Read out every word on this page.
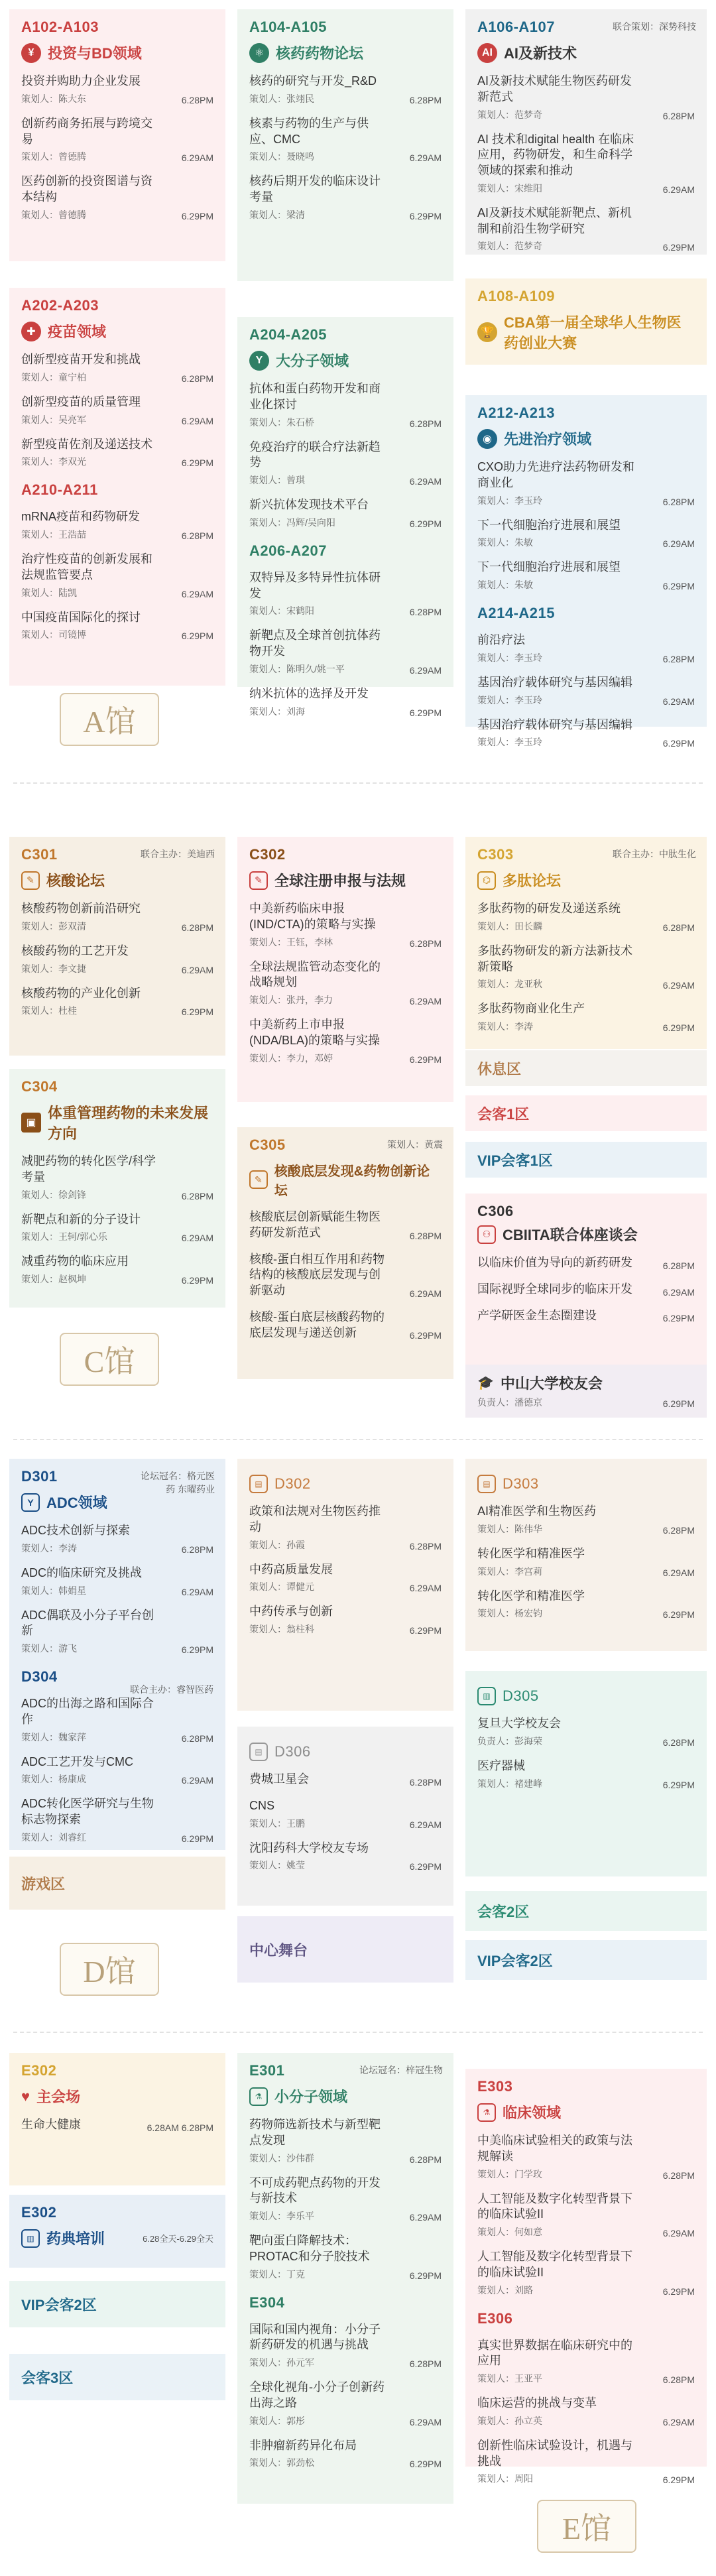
A102-A103
¥ 投资与BD领域
投资并购助力企业发展
策划人：陈大东	6.28PM
创新药商务拓展与跨境交易
策划人：曾德腾	6.29AM
医药创新的投资图谱与资本结构
策划人：曾德腾	6.29PM
A202-A203
✚ 疫苗领域
创新型疫苗开发和挑战
策划人：童宁柏	6.28PM
创新型疫苗的质量管理
策划人：吴亮军	6.29AM
新型疫苗佐剂及递送技术
策划人：李双光	6.29PM
A210-A211
mRNA疫苗和药物研发
策划人：王浩喆	6.28PM
治疗性疫苗的创新发展和法规监管要点
策划人：陆凯	6.29AM
中国疫苗国际化的探讨
策划人：司镜博	6.29PM
A馆
A104-A105
⚛ 核药药物论坛
核药的研究与开发_R&D
策划人：张翊民	6.28PM
核素与药物的生产与供应、CMC
策划人：聂晓鸣	6.29AM
核药后期开发的临床设计考量
策划人：梁清	6.29PM
A204-A205
Y 大分子领域
抗体和蛋白药物开发和商业化探讨
策划人：朱石桥	6.28PM
免疫治疗的联合疗法新趋势
策划人：曾琪	6.29AM
新兴抗体发现技术平台
策划人：冯辉/吴向阳	6.29PM
A206-A207
双特异及多特异性抗体研发
策划人：宋鹤阳	6.28PM
新靶点及全球首创抗体药物开发
策划人：陈明久/姚一平	6.29AM
纳米抗体的选择及开发
策划人：刘海	6.29PM
A106-A107	联合策划：深势科技
AI AI及新技术
AI及新技术赋能生物医药研发新范式
策划人：范梦奇	6.28PM
AI 技术和digital health 在临床应用，药物研发，和生命科学领域的探索和推动
策划人：宋维阳	6.29AM
AI及新技术赋能新靶点、新机制和前沿生物学研究
策划人：范梦奇	6.29PM
A108-A109
🏆
CBA第一届全球华人生物医药创业大赛
A212-A213
◉ 先进治疗领域
CXO助力先进疗法药物研发和商业化
策划人：李玉玲	6.28PM
下一代细胞治疗进展和展望
策划人：朱敏	6.29AM
下一代细胞治疗进展和展望
策划人：朱敏	6.29PM
A214-A215
前沿疗法
策划人：李玉玲	6.28PM
基因治疗载体研究与基因编辑
策划人：李玉玲	6.29AM
基因治疗载体研究与基因编辑
策划人：李玉玲	6.29PM
C301	联合主办：美迪西
✎ 核酸论坛
核酸药物创新前沿研究
策划人：彭双清	6.28PM
核酸药物的工艺开发
策划人：李文捷	6.29AM
核酸药物的产业化创新
策划人：杜桂	6.29PM
C304
▣
体重管理药物的未来发展方向
减肥药物的转化医学/科学考量
策划人：徐剑锋	6.28PM
新靶点和新的分子设计
策划人：王轲/郭心乐	6.29AM
减重药物的临床应用
策划人：赵枫坤	6.29PM
C馆
C302
✎ 全球注册申报与法规
中美新药临床申报(IND/CTA)的策略与实操
策划人：王钰，李林	6.28PM
全球法规监管动态变化的战略规划
策划人：张丹，李力	6.29AM
中美新药上市申报(NDA/BLA)的策略与实操
策划人：李力，邓婷	6.29PM
C305	策划人：黄震
✎
核酸底层发现&药物创新论坛
核酸底层创新赋能生物医药研发新范式	6.28PM
核酸-蛋白相互作用和药物结构的核酸底层发现与创新驱动	6.29AM
核酸-蛋白底层核酸药物的底层发现与递送创新	6.29PM
C303	联合主办：中肽生化
⌬ 多肽论坛
多肽药物的研发及递送系统
策划人：田长麟	6.28PM
多肽药物研发的新方法新技术新策略
策划人：龙亚秋	6.29AM
多肽药物商业化生产
策划人：李涛	6.29PM
休息区
会客1区
VIP会客1区
C306
⚇ CBIITA联合体座谈会
以临床价值为导向的新药研发	6.28PM
国际视野全球同步的临床开发	6.29AM
产学研医金生态圈建设	6.29PM
🎓 中山大学校友会
负责人：潘德京	6.29PM
D301	论坛冠名：格元医药 东曜药业
Y ADC领域
ADC技术创新与探索
策划人：李涛	6.28PM
ADC的临床研究及挑战
策划人：韩娟星	6.29AM
ADC偶联及小分子平台创新
策划人：游飞	6.29PM
D304
联合主办：睿智医药
ADC的出海之路和国际合作
策划人：魏家萍	6.28PM
ADC工艺开发与CMC
策划人：杨康成	6.29AM
ADC转化医学研究与生物标志物探索
策划人：刘睿红	6.29PM
游戏区
D馆
▤ D302
政策和法规对生物医药推动
策划人：孙霞	6.28PM
中药高质量发展
策划人：谭健元	6.29AM
中药传承与创新
策划人：翁柱科	6.29PM
▤ D306
费城卫星会	6.28PM
CNS
策划人：王鹏	6.29AM
沈阳药科大学校友专场
策划人：姚莹	6.29PM
中心舞台
▤ D303
AI精准医学和生物医药
策划人：陈伟华	6.28PM
转化医学和精准医学
策划人：李宫莉	6.29AM
转化医学和精准医学
策划人：杨宏钧	6.29PM
▥ D305
复旦大学校友会
负责人：彭海荣	6.28PM
医疗器械
策划人：褚建峰	6.29PM
会客2区
VIP会客2区
E302
♥ 主会场
生命大健康	6.28AM 6.28PM
E302
▥ 药典培训	6.28全天-6.29全天
VIP会客2区
会客3区
E301	论坛冠名：梓冠生物
⚗ 小分子领域
药物筛选新技术与新型靶点发现
策划人：沙伟群	6.28PM
不可成药靶点药物的开发与新技术
策划人：李乐平	6.29AM
靶向蛋白降解技术：PROTAC和分子胶技术
策划人：丁克	6.29PM
E304
国际和国内视角：小分子新药研发的机遇与挑战
策划人：孙元军	6.28PM
全球化视角-小分子创新药出海之路
策划人：郭彤	6.29AM
非肿瘤新药异化布局
策划人：郭劲松	6.29PM
E303
⚗ 临床领域
中美临床试验相关的政策与法规解读
策划人：门学玫	6.28PM
人工智能及数字化转型背景下的临床试验II
策划人：何如意	6.29AM
人工智能及数字化转型背景下的临床试验II
策划人：刘路	6.29PM
E306
真实世界数据在临床研究中的应用
策划人：王亚平	6.28PM
临床运营的挑战与变革
策划人：孙立英	6.29AM
创新性临床试验设计，机遇与挑战
策划人：周阳	6.29PM
E馆
